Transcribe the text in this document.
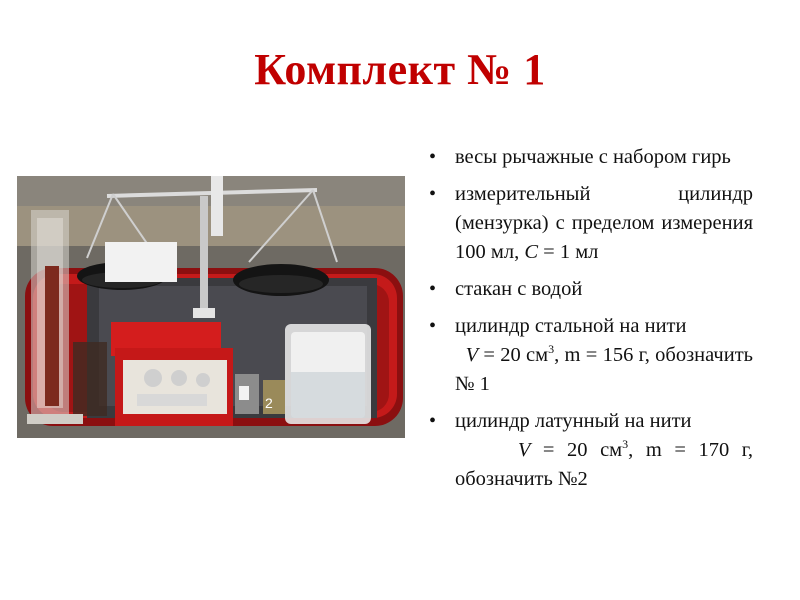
Комплект № 1
2
• весы рычажные с набором гирь
• измерительный цилиндр (мензурка) с пределом измерения 100 мл, C = 1 мл
• стакан с водой
• цилиндр стальной на нити
V = 20 $см^3$, m = 156 г, обозначить № 1
• цилиндр латунный на нити
V = 20 $см^3$, m = 170 г, обозначить №2
